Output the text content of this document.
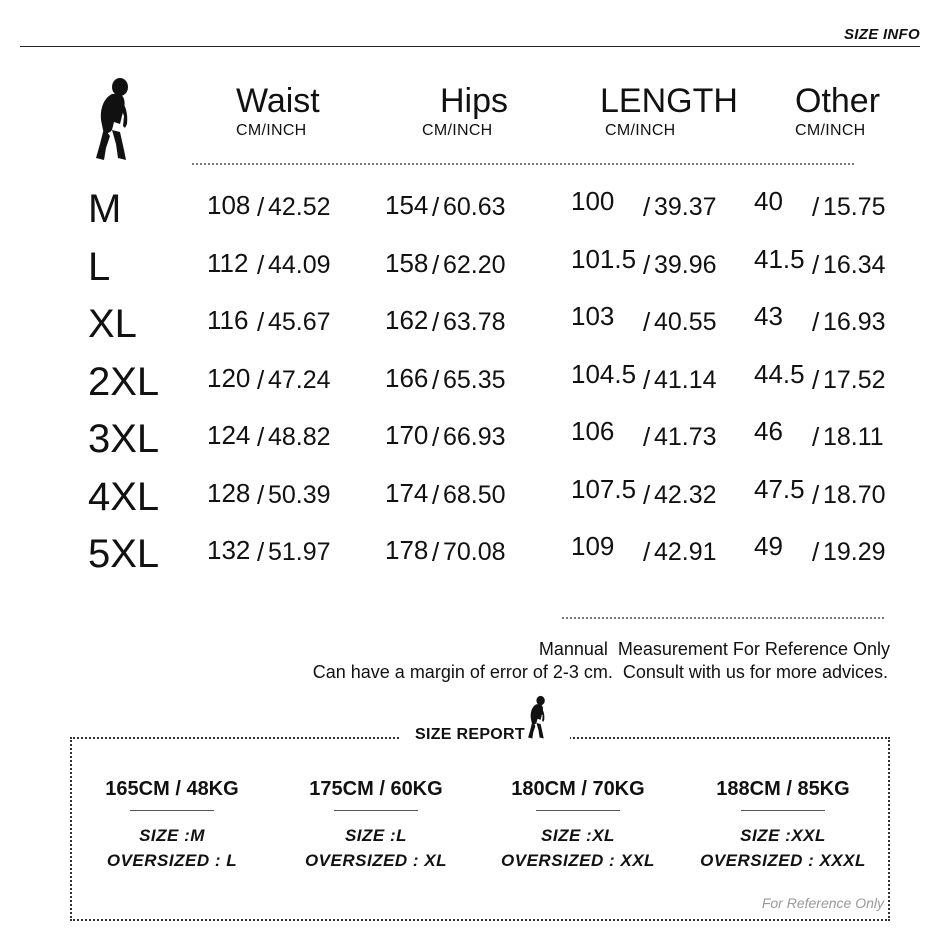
SIZE INFO
Waist
CM/INCH
Hips
CM/INCH
LENGTH
CM/INCH
Other
CM/INCH
M	108 / 42.52 154 / 60.63	100 / 39.37 40 / 15.75
L	112 / 44.09 158 / 62.20	101.5 / 39.96 41.5 / 16.34
XL	116 / 45.67 162 / 63.78	103 / 40.55 43 / 16.93
2XL 120 / 47.24 166 / 65.35	104.5 / 41.14 44.5 / 17.52
3XL 124 / 48.82 170 / 66.93	106 / 41.73 46 / 18.11
4XL 128 / 50.39 174 / 68.50	107.5 / 42.32 47.5 / 18.70
5XL 132 / 51.97 178 / 70.08	109 / 42.91 49 / 19.29
Mannual  Measurement For Reference Only
Can have a margin of error of 2-3 cm.  Consult with us for more advices.
SIZE REPORT
165CM / 48KG
SIZE :M
OVERSIZED : L
175CM / 60KG
SIZE :L
OVERSIZED : XL
180CM / 70KG
SIZE :XL
OVERSIZED : XXL
188CM / 85KG
SIZE :XXL
OVERSIZED : XXXL
For Reference Only
